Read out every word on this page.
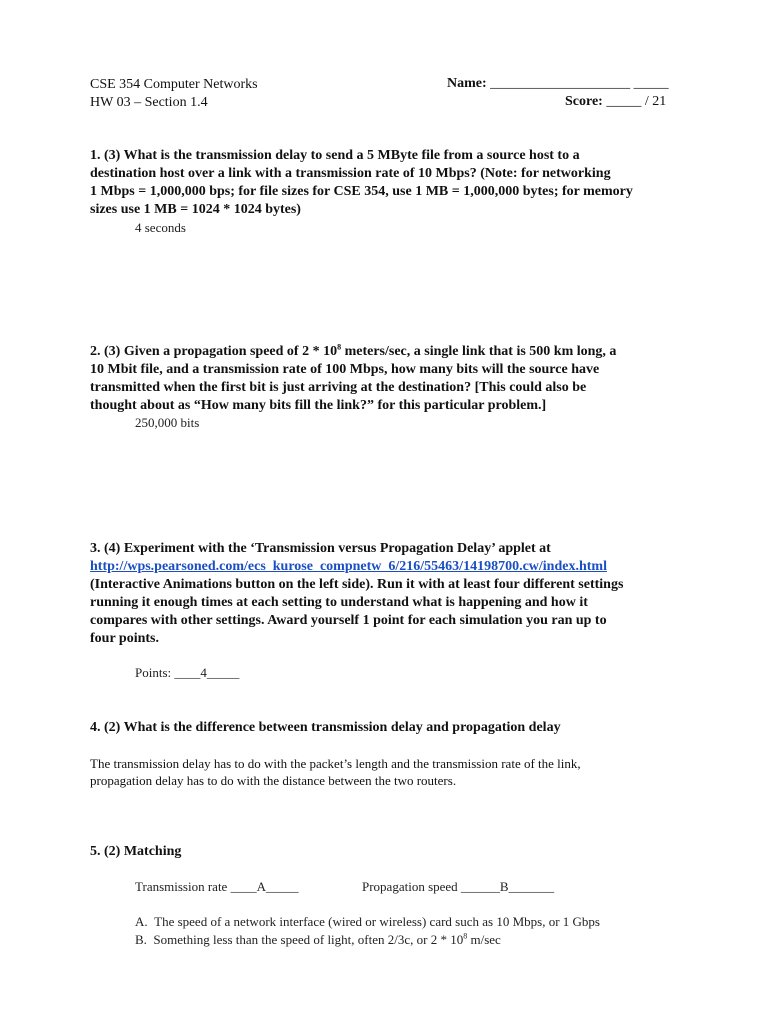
CSE 354 Computer Networks
HW 03 – Section 1.4
Name: ____________________ _____
Score: _____ / 21
1. (3) What is the transmission delay to send a 5 MByte file from a source host to a
destination host over a link with a transmission rate of 10 Mbps? (Note: for networking
1 Mbps = 1,000,000 bps; for file sizes for CSE 354, use 1 MB = 1,000,000 bytes; for memory
sizes use 1 MB = 1024 * 1024 bytes)
4 seconds
2. (3) Given a propagation speed of $2 * 10^8$ meters/sec, a single link that is 500 km long, a
10 Mbit file, and a transmission rate of 100 Mbps, how many bits will the source have
transmitted when the first bit is just arriving at the destination? [This could also be
thought about as “How many bits fill the link?” for this particular problem.]
250,000 bits
3. (4) Experiment with the ‘Transmission versus Propagation Delay’ applet at
http://wps.pearsoned.com/ecs_kurose_compnetw_6/216/55463/14198700.cw/index.html
(Interactive Animations button on the left side). Run it with at least four different settings
running it enough times at each setting to understand what is happening and how it
compares with other settings. Award yourself 1 point for each simulation you ran up to
four points.
Points: ____4_____
4. (2) What is the difference between transmission delay and propagation delay
The transmission delay has to do with the packet’s length and the transmission rate of the link,
propagation delay has to do with the distance between the two routers.
5. (2) Matching
Transmission rate ____A_____	Propagation speed ______B_______
A. The speed of a network interface (wired or wireless) card such as 10 Mbps, or 1 Gbps
B. Something less than the speed of light, often 2/3c, or $2 * 10^8$ m/sec
